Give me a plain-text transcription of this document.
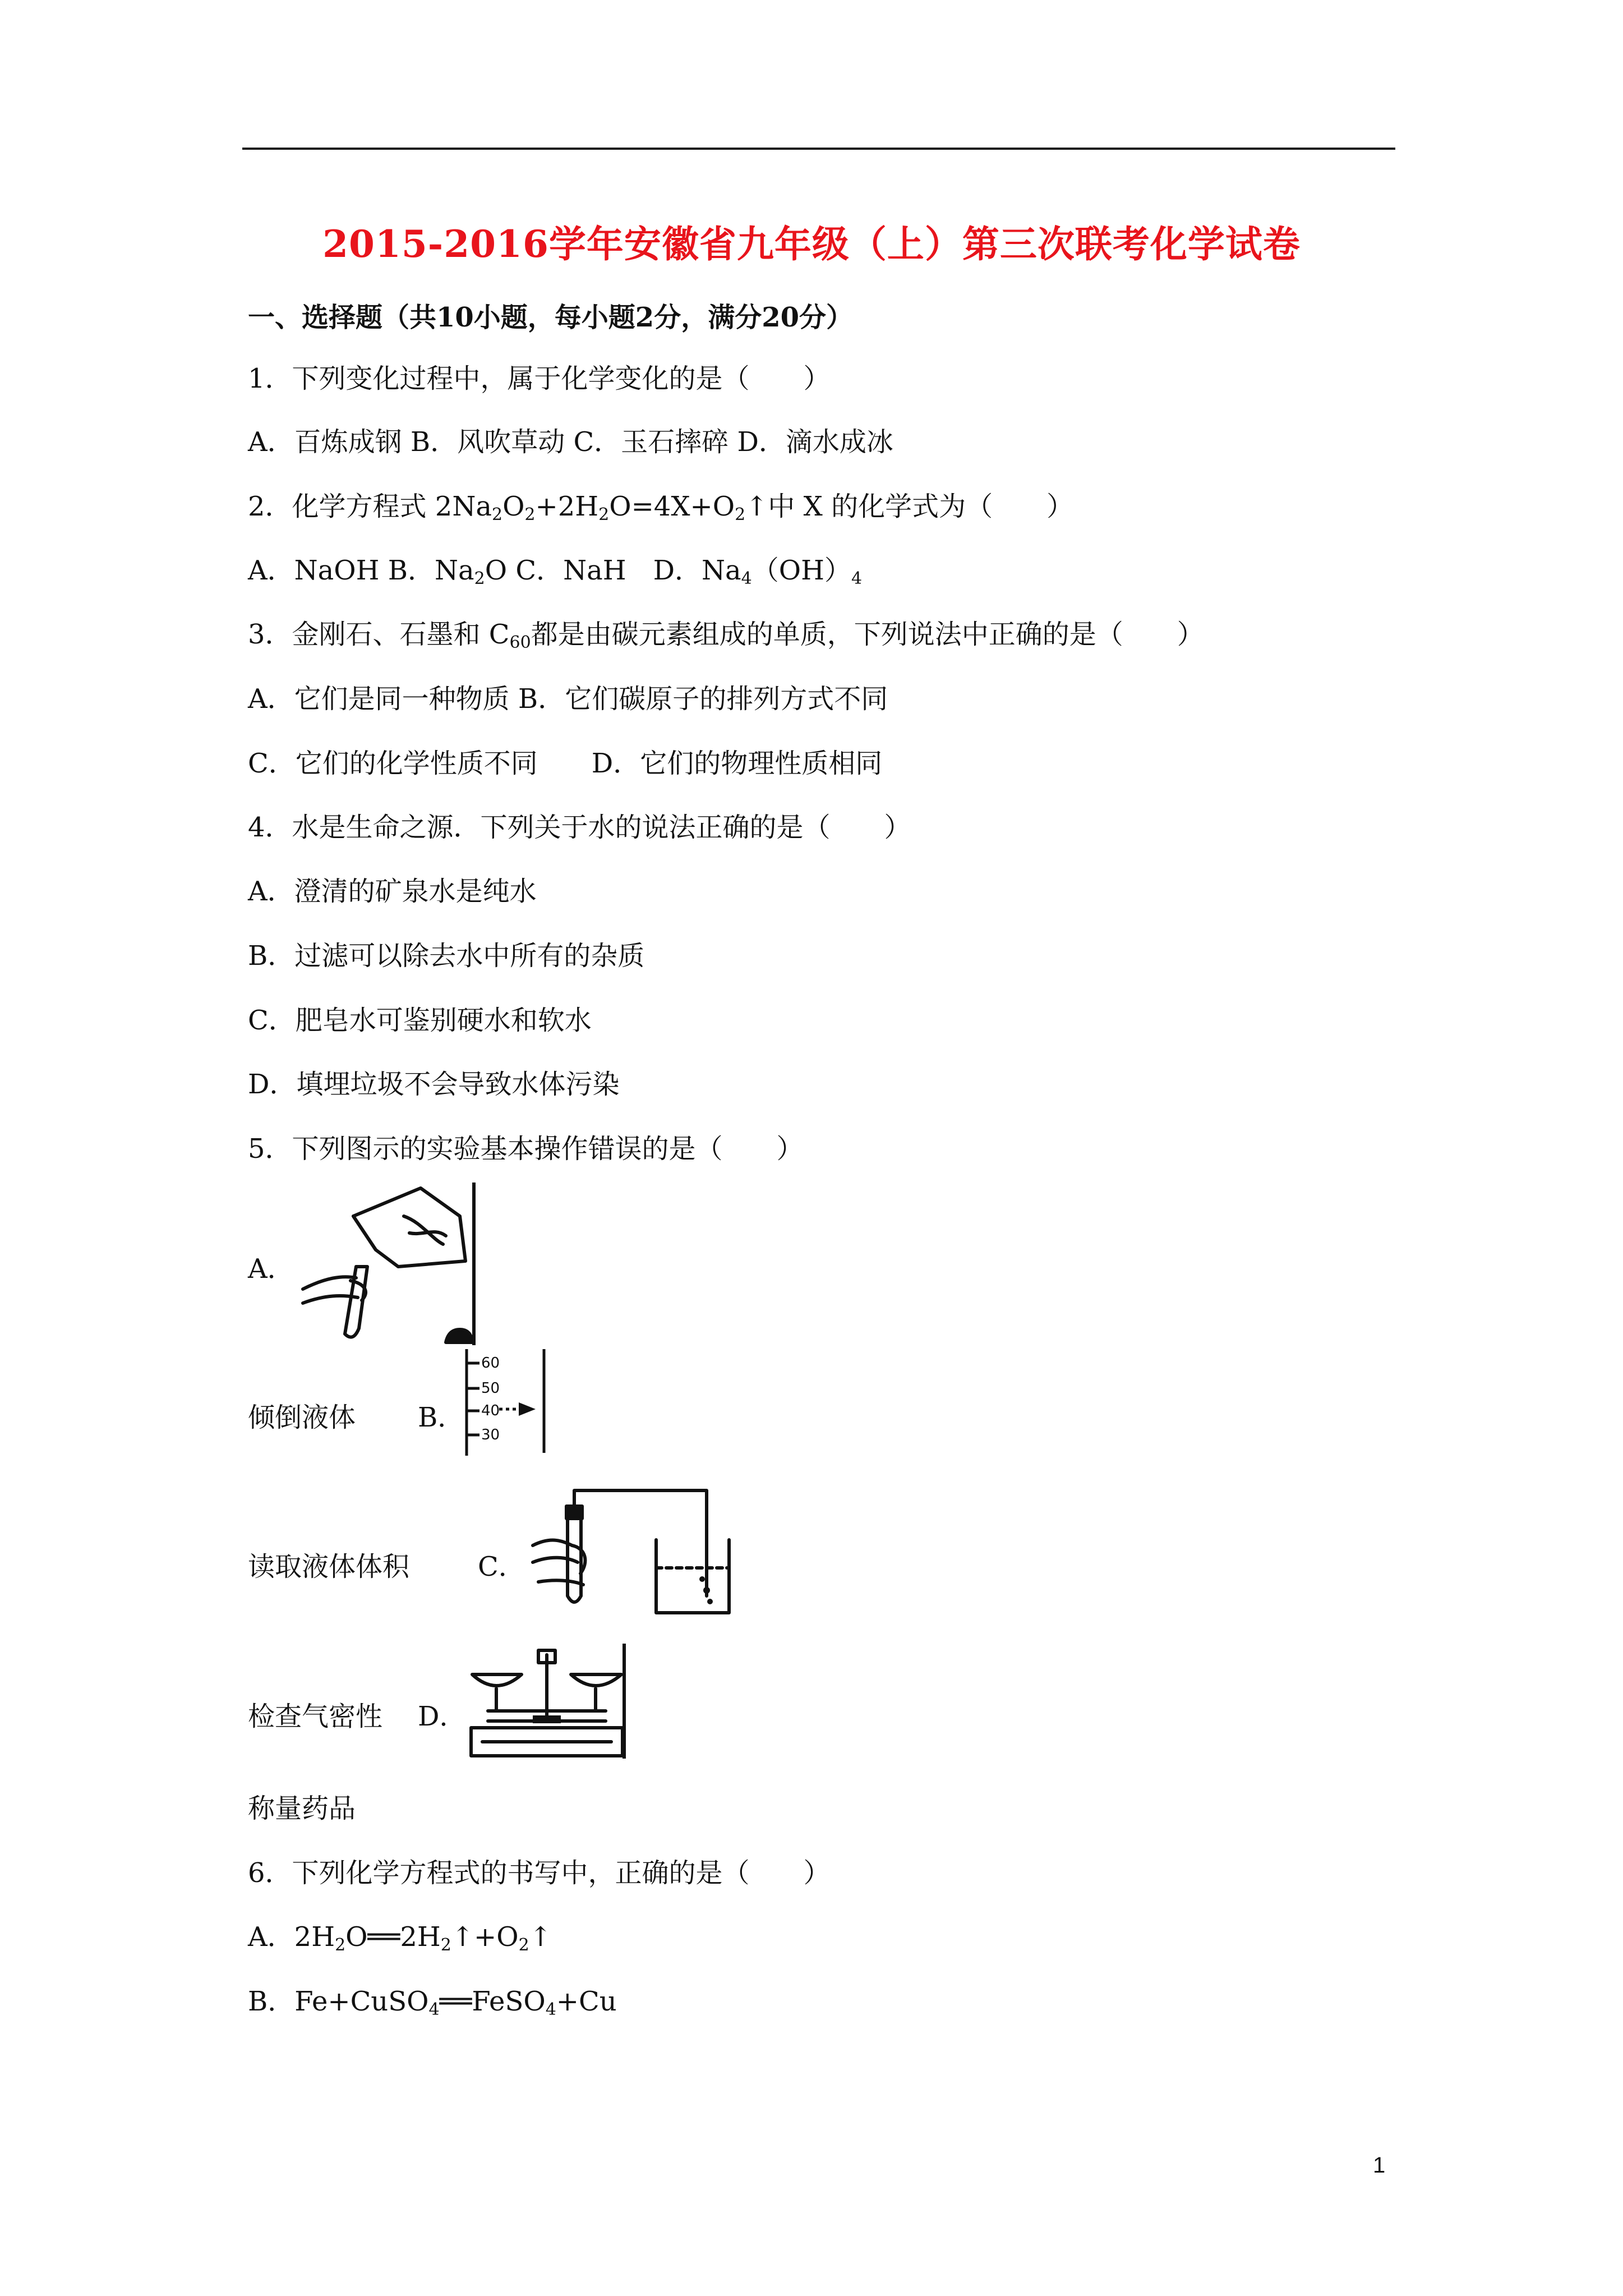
2015-2016学年安徽省九年级（上）第三次联考化学试卷
一、选择题（共10小题，每小题2分，满分20分）
1．下列变化过程中，属于化学变化的是（　　）
A．百炼成钢 B．风吹草动 C．玉石摔碎 D．滴水成冰
2．化学方程式 $2Na_2O_2+2H_2O=4X+O_2↑$中 X 的化学式为（　　）
A．NaOH B．$Na_2O$ C．NaH　D．$Na_4(OH)_4$
3．金刚石、石墨和 $C_{60}$都是由碳元素组成的单质，下列说法中正确的是（　　）
A．它们是同一种物质 B．它们碳原子的排列方式不同
C．它们的化学性质不同　　D．它们的物理性质相同
4．水是生命之源．下列关于水的说法正确的是（　　）
A．澄清的矿泉水是纯水
B．过滤可以除去水中所有的杂质
C．肥皂水可鉴别硬水和软水
D．填埋垃圾不会导致水体污染
5．下列图示的实验基本操作错误的是（　　）
A．
倾倒液体 B．
60
50
40
30
读取液体体积	C．
检查气密性 D．
称量药品
6．下列化学方程式的书写中，正确的是（　　）
A．$2H_2O══2H_2↑+O_2↑$
B．Fe+CuSO$_4$══FeSO$_4$+Cu
1
